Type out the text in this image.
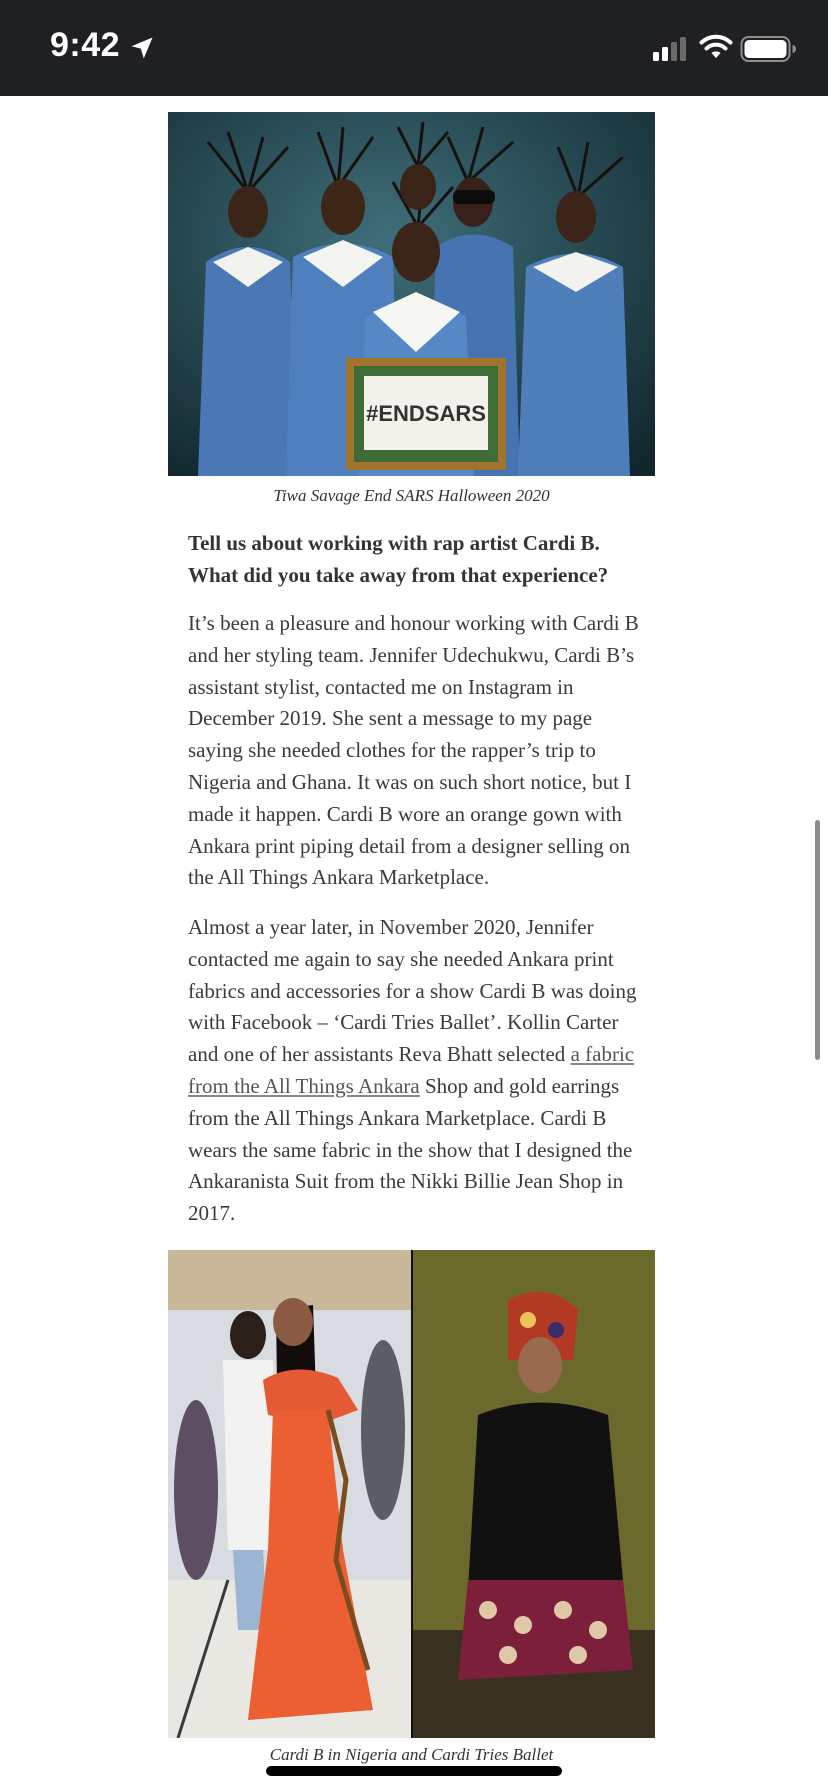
9:42
#ENDSARS
Tiwa Savage End SARS Halloween 2020
Tell us about working with rap artist Cardi B. What did you take away from that experience?

It’s been a pleasure and honour working with Cardi B and her styling team. Jennifer Udechukwu, Cardi B’s assistant stylist, contacted me on Instagram in December 2019. She sent a message to my page saying she needed clothes for the rapper’s trip to Nigeria and Ghana. It was on such short notice, but I made it happen. Cardi B wore an orange gown with Ankara print piping detail from a designer selling on the All Things Ankara Marketplace.

Almost a year later, in November 2020, Jennifer contacted me again to say she needed Ankara print fabrics and accessories for a show Cardi B was doing with Facebook – ‘Cardi Tries Ballet’. Kollin Carter and one of her assistants Reva Bhatt selected a fabric from the All Things Ankara Shop and gold earrings from the All Things Ankara Marketplace. Cardi B wears the same fabric in the show that I designed the Ankaranista Suit from the Nikki Billie Jean Shop in 2017.

Cardi B in Nigeria and Cardi Tries Ballet
